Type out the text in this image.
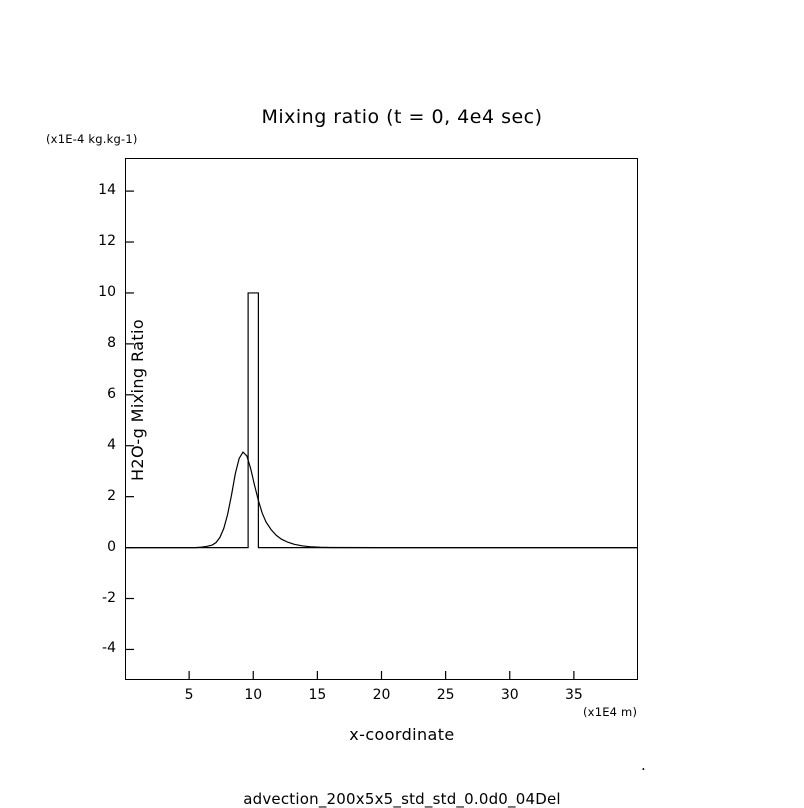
Mixing ratio (t = 0, 4e4 sec)
(x1E-4 kg.kg-1)
(x1E4 m)
H2O-g Mixing Ratio
x-coordinate
.
advection_200x5x5_std_std_0.0d0_04Del
-4
-2
0
2
4
6
8
10
12
14
5	10	15	20	25	30	35
